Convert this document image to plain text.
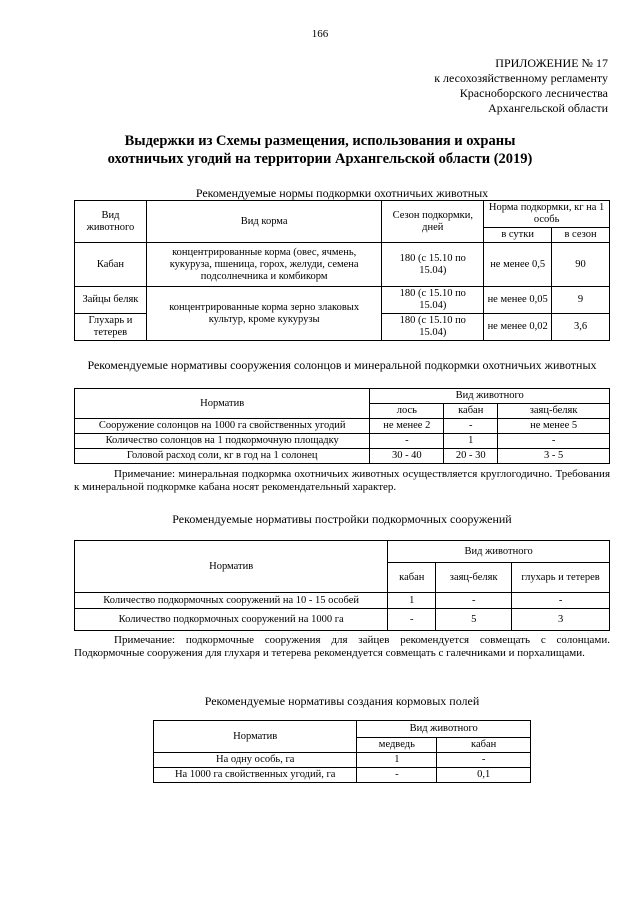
166
ПРИЛОЖЕНИЕ № 17
к лесохозяйственному регламенту
Красноборского лесничества
Архангельской области
Выдержки из Схемы размещения, использования и охраны охотничьих угодий на территории Архангельской области (2019)
Рекомендуемые нормы подкормки охотничьих животных
Вид животного	Вид корма	Сезон подкормки, дней	Норма подкормки, кг на 1 особь	
			в сутки	в сезон
Кабан	концентрированные корма (овес, ячмень, кукуруза, пшеница, горох, желуди, семена подсолнечника и комбикорм	180 (с 15.10 по 15.04)	не менее 0,5	90
Зайцы беляк	концентрированные корма зерно злаковых культур, кроме кукурузы	180 (с 15.10 по 15.04)	не менее 0,05	9
Глухарь и тетерев		180 (с 15.10 по 15.04)	не менее 0,02	3,6
Рекомендуемые нормативы сооружения солонцов и минеральной подкормки охотничьих животных
Норматив	Вид животного		
	лось	кабан	заяц-беляк
Сооружение солонцов на 1000 га свойственных угодий	не менее 2	-	не менее 5
Количество солонцов на 1 подкормочную площадку	-	1	-
Головой расход соли, кг в год на 1 солонец	30 - 40	20 - 30	3 - 5

Примечание: минеральная подкормка охотничьих животных осуществляется круглогодично. Требования к минеральной подкормке кабана носят рекомендательный характер.

Рекомендуемые нормативы постройки подкормочных сооружений
Норматив	Вид животного		
	кабан	заяц-беляк	глухарь и тетерев
Количество подкормочных сооружений на 10 - 15 особей	1	-	-
Количество подкормочных сооружений на 1000 га	-	5	3

Примечание: подкормочные сооружения для зайцев рекомендуется совмещать с солонцами. Подкормочные сооружения для глухаря и тетерева рекомендуется совмещать с галечниками и порхалищами.

Рекомендуемые нормативы создания кормовых полей
Норматив	Вид животного	
	медведь	кабан
На одну особь, га	1	-
На 1000 га свойственных угодий, га	-	0,1
